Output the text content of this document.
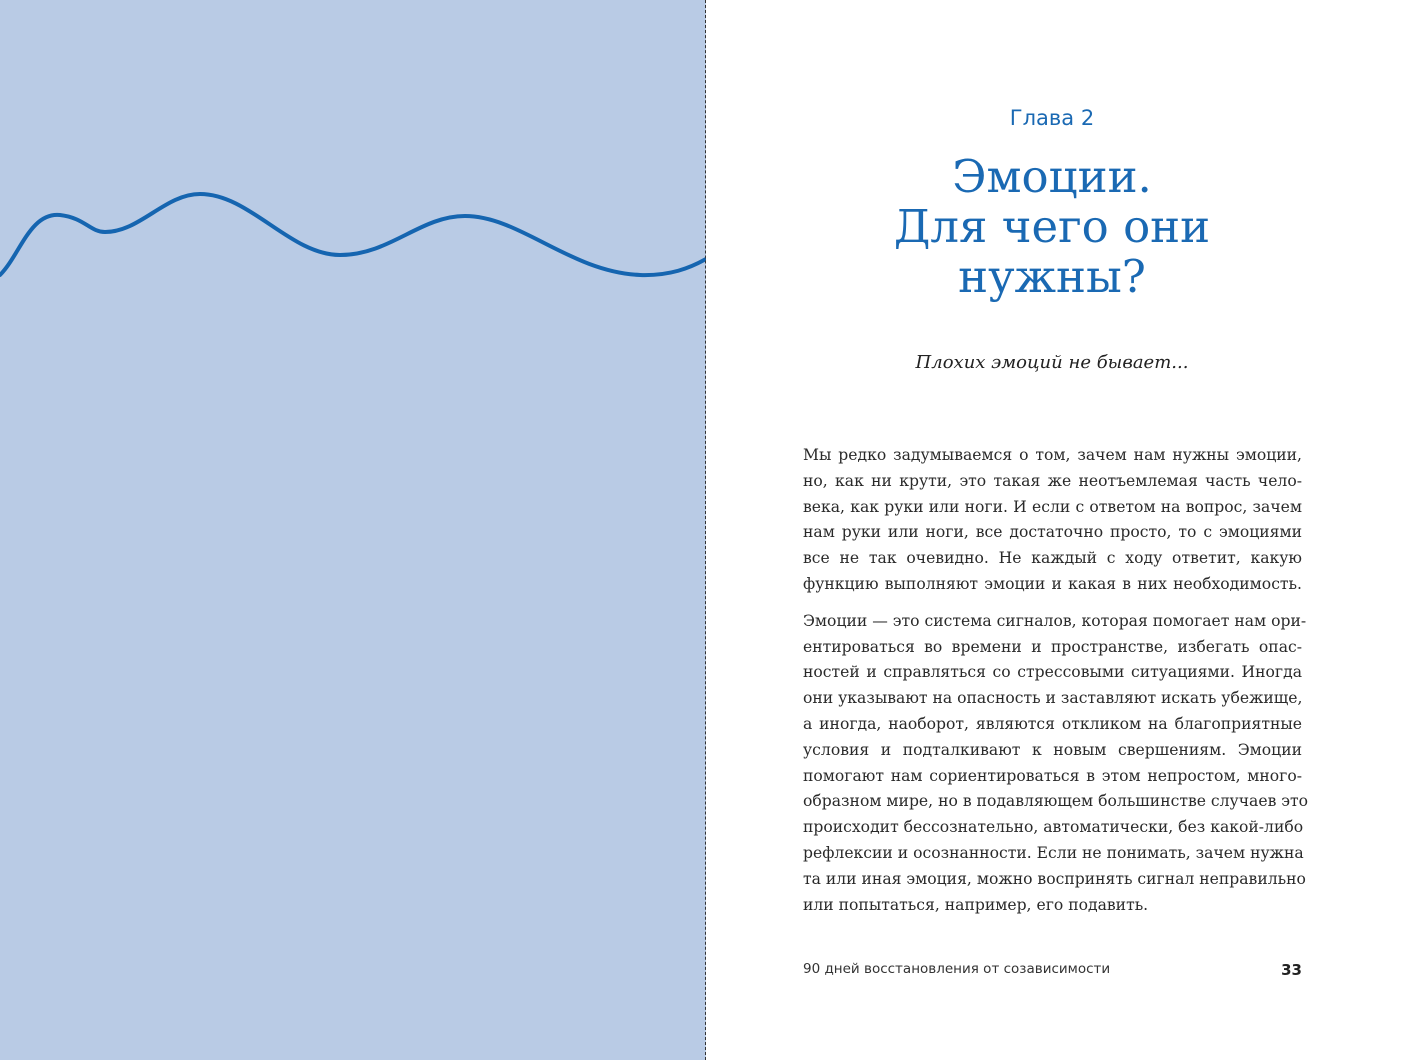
Глава 2
Эмоции.
Для чего они
нужны?
Плохих эмоций не бывает...

Мы редко задумываемся о том, зачем нам нужны эмоции,
но, как ни крути, это такая же неотъемлемая часть чело-
века, как руки или ноги. И если с ответом на вопрос, зачем
нам руки или ноги, все достаточно просто, то с эмоциями
все не так очевидно. Не каждый с ходу ответит, какую
функцию выполняют эмоции и какая в них необходимость.

Эмоции — это система сигналов, которая помогает нам ори-
ентироваться во времени и пространстве, избегать опас-
ностей и справляться со стрессовыми ситуациями. Иногда
они указывают на опасность и заставляют искать убежище,
а иногда, наоборот, являются откликом на благоприятные
условия и подталкивают к новым свершениям. Эмоции
помогают нам сориентироваться в этом непростом, много-
образном мире, но в подавляющем большинстве случаев это
происходит бессознательно, автоматически, без какой-либо
рефлексии и осознанности. Если не понимать, зачем нужна
та или иная эмоция, можно воспринять сигнал неправильно
или попытаться, например, его подавить.

90 дней восстановления от созависимости	33
